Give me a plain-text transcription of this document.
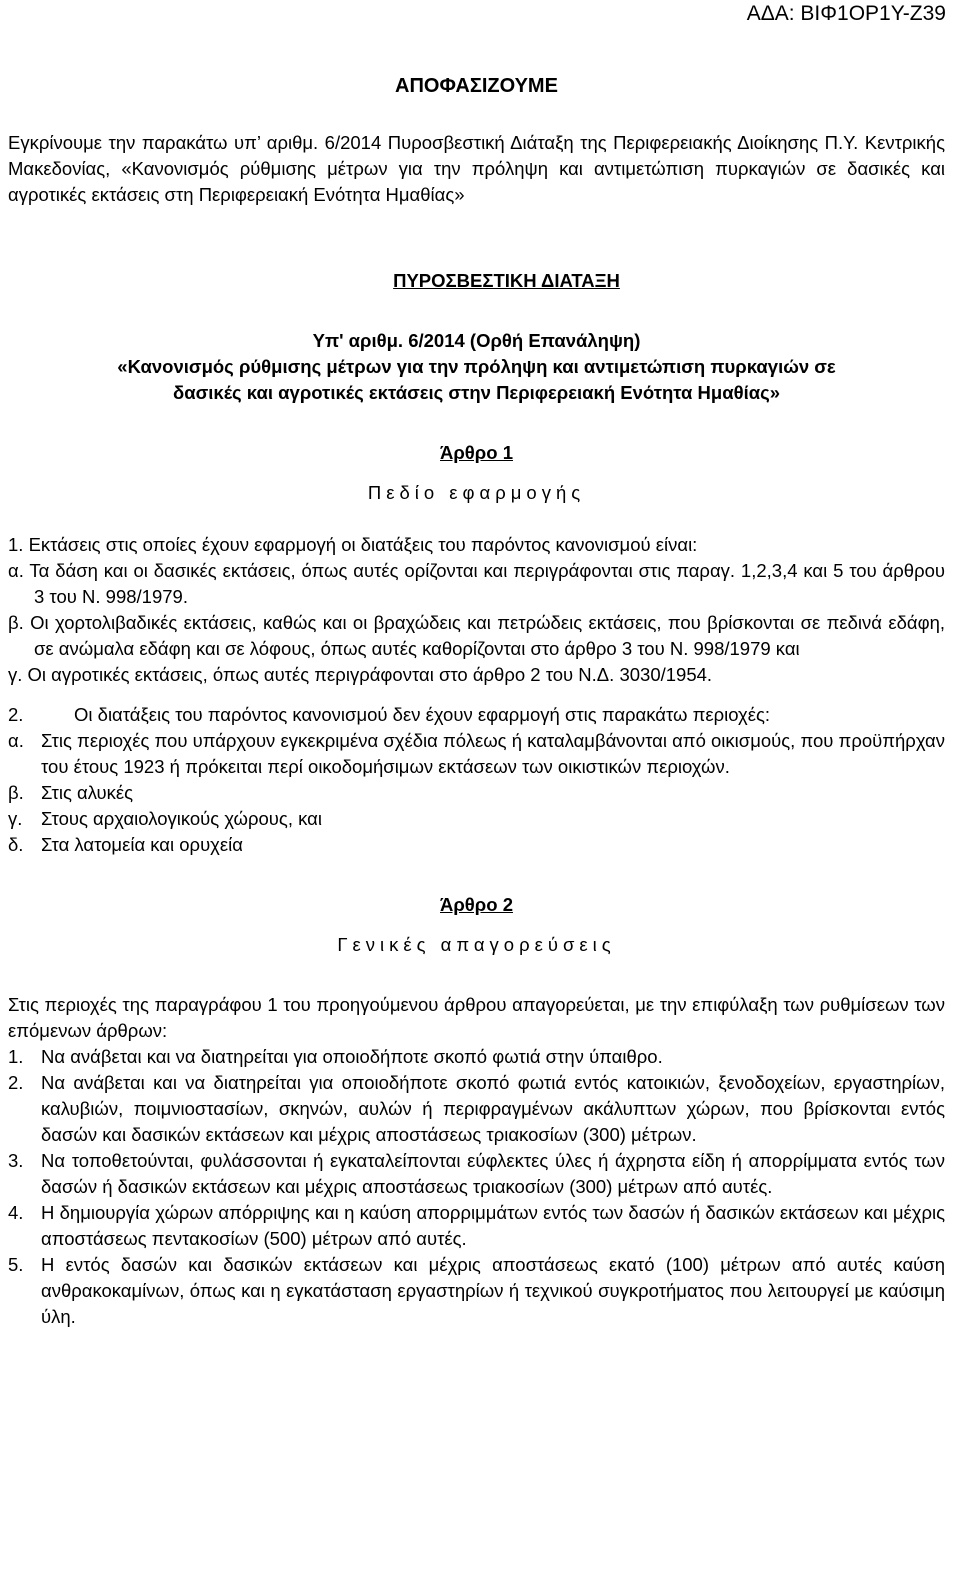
ΑΔΑ: ΒΙΦ1ΟΡ1Υ-Ζ39

ΑΠΟΦΑΣΙΖΟΥΜΕ

Εγκρίνουμε την παρακάτω υπ’ αριθμ. 6/2014 Πυροσβεστική Διάταξη της Περιφερειακής Διοίκησης Π.Υ. Κεντρικής Μακεδονίας, «Κανονισμός ρύθμισης μέτρων για την πρόληψη και αντιμετώπιση πυρκαγιών σε δασικές και αγροτικές εκτάσεις στη Περιφερειακή Ενότητα Ημαθίας»

ΠΥΡΟΣΒΕΣΤΙΚΗ ΔΙΑΤΑΞΗ

Υπ' αριθμ. 6/2014 (Ορθή Επανάληψη)

«Κανονισμός ρύθμισης μέτρων για την πρόληψη και αντιμετώπιση πυρκαγιών σε

δασικές και αγροτικές εκτάσεις στην Περιφερειακή Ενότητα Ημαθίας»

Άρθρο 1

Πεδίο εφαρμογής

1. Εκτάσεις στις οποίες έχουν εφαρμογή οι διατάξεις του παρόντος κανονισμού είναι:

α. Τα δάση και οι δασικές εκτάσεις, όπως αυτές ορίζονται και περιγράφονται στις παραγ. 1,2,3,4 και 5 του άρθρου 3 του Ν. 998/1979.

β. Οι χορτολιβαδικές εκτάσεις, καθώς και οι βραχώδεις και πετρώδεις εκτάσεις, που βρίσκονται σε πεδινά εδάφη, σε ανώμαλα εδάφη και σε λόφους, όπως αυτές καθορίζονται στο άρθρο 3 του Ν. 998/1979 και

γ. Οι αγροτικές εκτάσεις, όπως αυτές περιγράφονται στο άρθρο 2 του Ν.Δ. 3030/1954.

2.	Οι διατάξεις του παρόντος κανονισμού δεν έχουν εφαρμογή στις παρακάτω περιοχές:

α. Στις περιοχές που υπάρχουν εγκεκριμένα σχέδια πόλεως ή καταλαμβάνονται από οικισμούς, που προϋπήρχαν του έτους 1923 ή πρόκειται περί οικοδομήσιμων εκτάσεων των οικιστικών περιοχών.
β. Στις αλυκές
γ.	Στους αρχαιολογικούς χώρους, και
δ. Στα λατομεία και ορυχεία

Άρθρο 2

Γενικές απαγορεύσεις

Στις περιοχές της παραγράφου 1 του προηγούμενου άρθρου απαγορεύεται, με την επιφύλαξη των ρυθμίσεων των επόμενων άρθρων:

1. Να ανάβεται και να διατηρείται για οποιοδήποτε σκοπό φωτιά στην ύπαιθρο.
2. Να ανάβεται και να διατηρείται για οποιοδήποτε σκοπό φωτιά εντός κατοικιών, ξενοδοχείων, εργαστηρίων, καλυβιών, ποιμνιοστασίων, σκηνών, αυλών ή περιφραγμένων ακάλυπτων χώρων, που βρίσκονται εντός δασών και δασικών εκτάσεων και μέχρις αποστάσεως τριακοσίων (300) μέτρων.
3. Να τοποθετούνται, φυλάσσονται ή εγκαταλείπονται εύφλεκτες ύλες ή άχρηστα είδη ή απορρίμματα εντός των δασών ή δασικών εκτάσεων και μέχρις αποστάσεως τριακοσίων (300) μέτρων από αυτές.
4. Η δημιουργία χώρων απόρριψης και η καύση απορριμμάτων εντός των δασών ή δασικών εκτάσεων και μέχρις αποστάσεως πεντακοσίων (500) μέτρων από αυτές.
5. Η εντός δασών και δασικών εκτάσεων και μέχρις αποστάσεως εκατό (100) μέτρων από αυτές καύση ανθρακοκαμίνων, όπως και η εγκατάσταση εργαστηρίων ή τεχνικού συγκροτήματος που λειτουργεί με καύσιμη ύλη.
